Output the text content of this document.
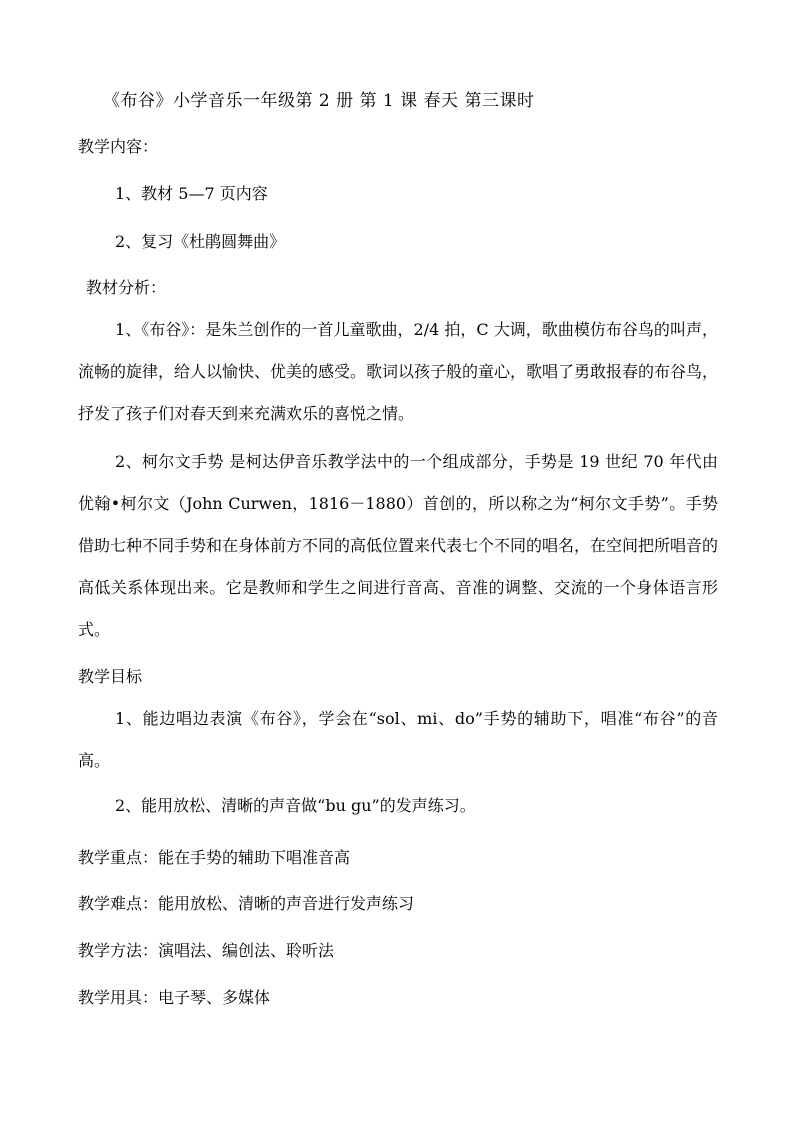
《布谷》小学音乐一年级第 2 册 第 1 课 春天 第三课时
教学内容：
1、教材 5—7 页内容
2、复习《杜鹃圆舞曲》
教材分析：
1、《布谷》：是朱兰创作的一首儿童歌曲，2/4 拍，C 大调，歌曲模仿布谷鸟的叫声，流畅的旋律，给人以愉快、优美的感受。歌词以孩子般的童心，歌唱了勇敢报春的布谷鸟，抒发了孩子们对春天到来充满欢乐的喜悦之情。
2、柯尔文手势 是柯达伊音乐教学法中的一个组成部分，手势是 19 世纪 70 年代由优翰•柯尔文（John Curwen，1816－1880）首创的，所以称之为“柯尔文手势”。手势借助七种不同手势和在身体前方不同的高低位置来代表七个不同的唱名，在空间把所唱音的高低关系体现出来。它是教师和学生之间进行音高、音准的调整、交流的一个身体语言形式。
教学目标
1、能边唱边表演《布谷》，学会在“sol、mi、do”手势的辅助下，唱准“布谷”的音高。
2、能用放松、清晰的声音做“bu gu”的发声练习。
教学重点：能在手势的辅助下唱准音高
教学难点：能用放松、清晰的声音进行发声练习
教学方法：演唱法、编创法、聆听法
教学用具：电子琴、多媒体
